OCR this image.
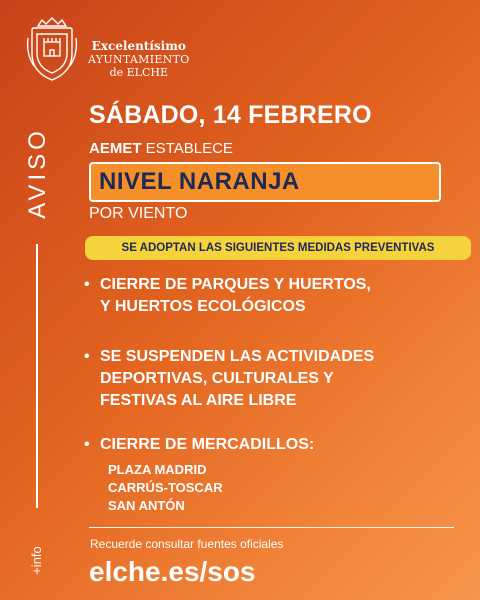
Excelentísimo
AYUNTAMIENTO
de ELCHE
AVISO
+info
SÁBADO, 14 FEBRERO
AEMET ESTABLECE
NIVEL NARANJA
POR VIENTO
SE ADOPTAN LAS SIGUIENTES MEDIDAS PREVENTIVAS
• CIERRE DE PARQUES Y HUERTOS,
Y HUERTOS ECOLÓGICOS
• SE SUSPENDEN LAS ACTIVIDADES
DEPORTIVAS, CULTURALES Y
FESTIVAS AL AIRE LIBRE
• CIERRE DE MERCADILLOS:
PLAZA MADRID
CARRÚS-TOSCAR
SAN ANTÓN
Recuerde consultar fuentes oficiales
elche.es/sos
